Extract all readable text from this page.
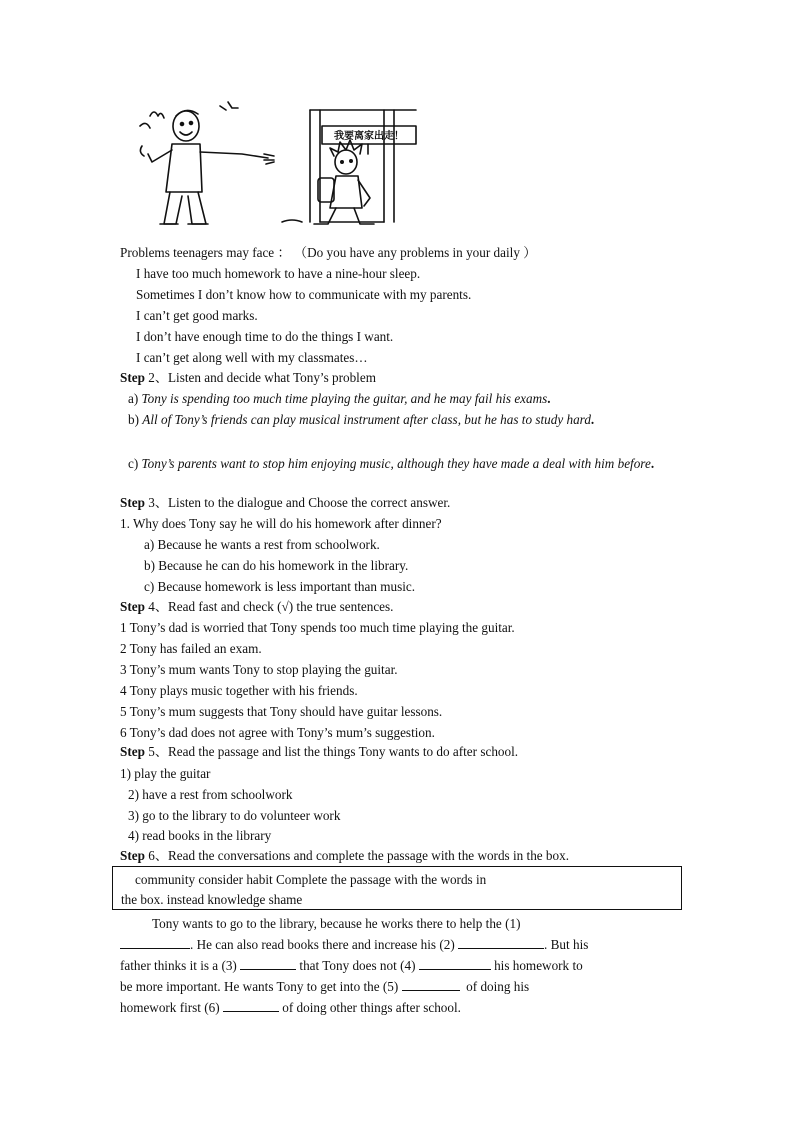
我要离家出走！
Problems teenagers may face ： （Do you have any problems in your daily ）
I have too much homework to have a nine-hour sleep.
Sometimes I don’t know how to communicate with my parents.
I can’t get good marks.
I don’t have enough time to do the things I want.
I can’t get along well with my classmates…
Step 2、Listen and decide what Tony’s problem
a) Tony is spending too much time playing the guitar, and he may fail his exams.
b) All of Tony’s friends can play musical instrument after class, but he has to study hard.
c) Tony’s parents want to stop him enjoying music, although they have made a deal with him before.
Step 3、Listen to the dialogue and Choose the correct answer.
1. Why does Tony say he will do his homework after dinner?
a) Because he wants a rest from schoolwork.
b) Because he can do his homework in the library.
c) Because homework is less important than music.
Step 4、Read fast and check (√) the true sentences.
1 Tony’s dad is worried that Tony spends too much time playing the guitar.
2 Tony has failed an exam.
3 Tony’s mum wants Tony to stop playing the guitar.
4 Tony plays music together with his friends.
5 Tony’s mum suggests that Tony should have guitar lessons.
6 Tony’s dad does not agree with Tony’s mum’s suggestion.
Step 5、Read the passage and list the things Tony wants to do after school.
1) play the guitar
2) have a rest from schoolwork
3) go to the library to do volunteer work
4) read books in the library
Step 6、Read the conversations and complete the passage with the words in the box.
community consider habit Complete the passage with the words in
the box. instead knowledge shame
Tony wants to go to the library, because he works there to help the (1)
. He can also read books there and increase his (2)	. But his
father thinks it is a (3)	that Tony does not (4)	his homework to
be more important. He wants Tony to get into the (5)	of doing his
homework first (6)	of doing other things after school.
